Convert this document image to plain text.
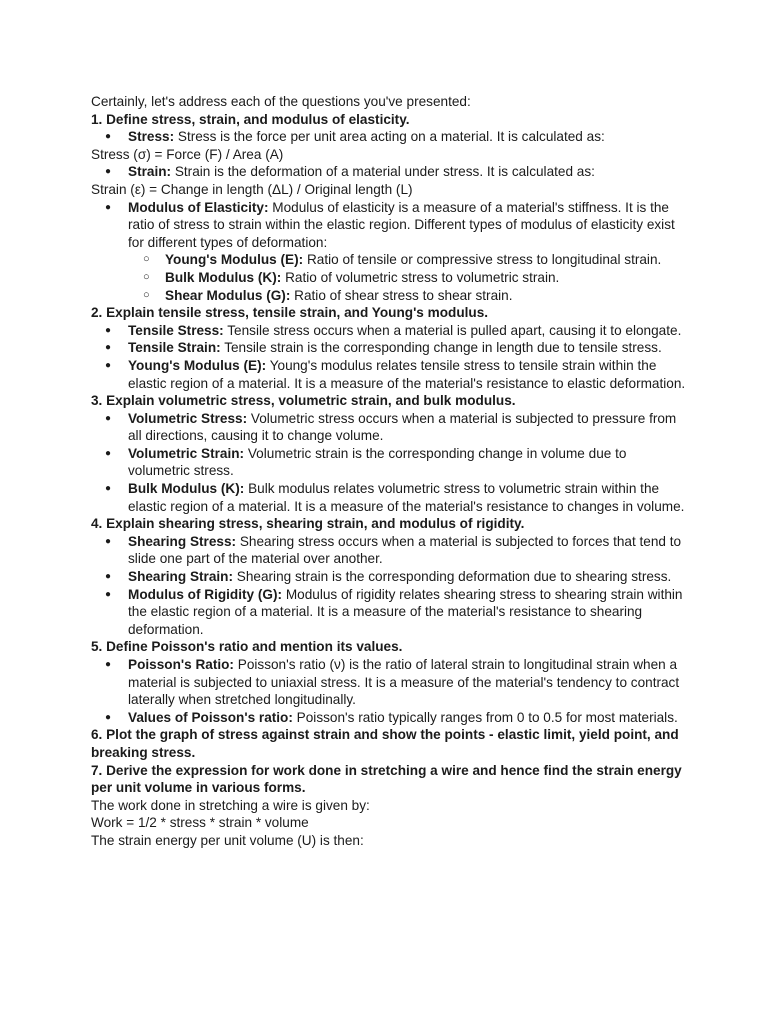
Certainly, let's address each of the questions you've presented:

1. Define stress, strain, and modulus of elasticity.

● Stress: Stress is the force per unit area acting on a material. It is calculated as:

Stress (σ) = Force (F) / Area (A)

● Strain: Strain is the deformation of a material under stress. It is calculated as:

Strain (ε) = Change in length (ΔL) / Original length (L)

● Modulus of Elasticity: Modulus of elasticity is a measure of a material's stiffness. It is the ratio of stress to strain within the elastic region. Different types of modulus of elasticity exist for different types of deformation:
○ Young's Modulus (E): Ratio of tensile or compressive stress to longitudinal strain.
○ Bulk Modulus (K): Ratio of volumetric stress to volumetric strain.
○ Shear Modulus (G): Ratio of shear stress to shear strain.

2. Explain tensile stress, tensile strain, and Young's modulus.

● Tensile Stress: Tensile stress occurs when a material is pulled apart, causing it to elongate.
● Tensile Strain: Tensile strain is the corresponding change in length due to tensile stress.
● Young's Modulus (E): Young's modulus relates tensile stress to tensile strain within the elastic region of a material. It is a measure of the material's resistance to elastic deformation.

3. Explain volumetric stress, volumetric strain, and bulk modulus.

● Volumetric Stress: Volumetric stress occurs when a material is subjected to pressure from all directions, causing it to change volume.
● Volumetric Strain: Volumetric strain is the corresponding change in volume due to volumetric stress.
● Bulk Modulus (K): Bulk modulus relates volumetric stress to volumetric strain within the elastic region of a material. It is a measure of the material's resistance to changes in volume.

4. Explain shearing stress, shearing strain, and modulus of rigidity.

● Shearing Stress: Shearing stress occurs when a material is subjected to forces that tend to slide one part of the material over another.
● Shearing Strain: Shearing strain is the corresponding deformation due to shearing stress.
● Modulus of Rigidity (G): Modulus of rigidity relates shearing stress to shearing strain within the elastic region of a material. It is a measure of the material's resistance to shearing deformation.

5. Define Poisson's ratio and mention its values.

● Poisson's Ratio: Poisson's ratio (ν) is the ratio of lateral strain to longitudinal strain when a material is subjected to uniaxial stress. It is a measure of the material's tendency to contract laterally when stretched longitudinally.
● Values of Poisson's ratio: Poisson's ratio typically ranges from 0 to 0.5 for most materials.

6. Plot the graph of stress against strain and show the points - elastic limit, yield point, and breaking stress.

7. Derive the expression for work done in stretching a wire and hence find the strain energy per unit volume in various forms.

The work done in stretching a wire is given by:

Work = 1/2 * stress * strain * volume

The strain energy per unit volume (U) is then:
